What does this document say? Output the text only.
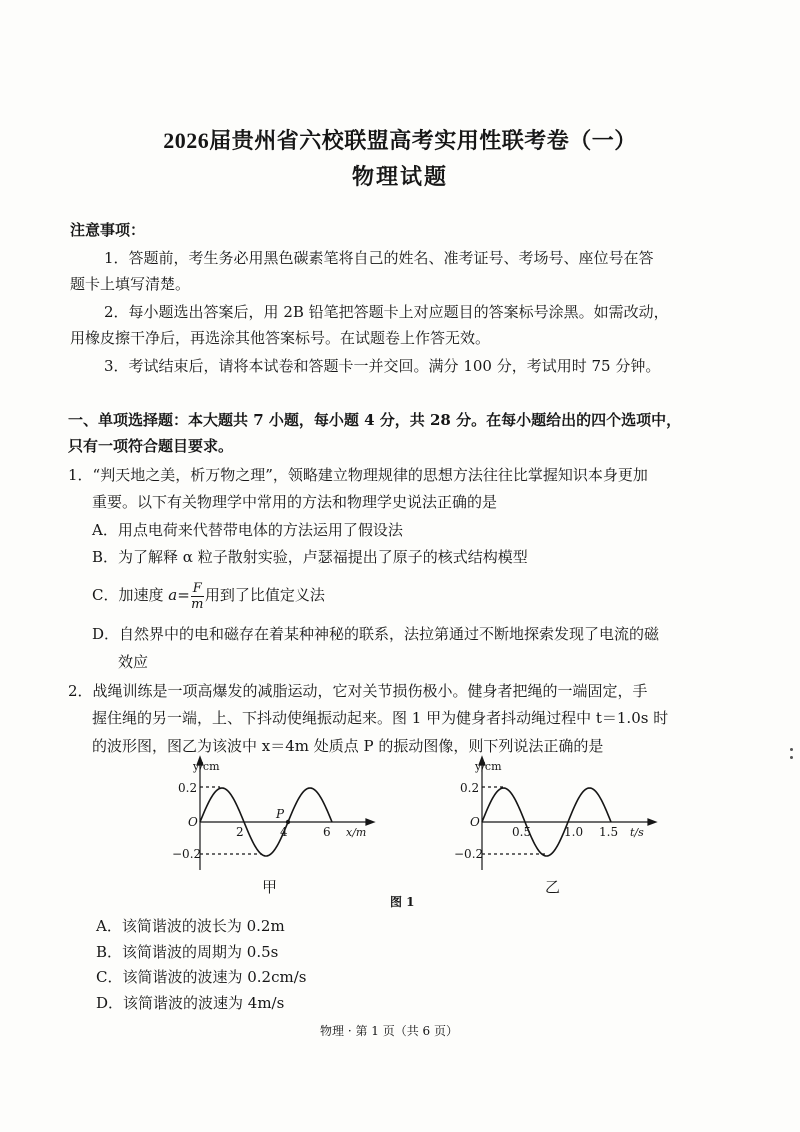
2026届贵州省六校联盟高考实用性联考卷（一）
物理试题
注意事项：
1．答题前，考生务必用黑色碳素笔将自己的姓名、准考证号、考场号、座位号在答
题卡上填写清楚。
2．每小题选出答案后，用 2B 铅笔把答题卡上对应题目的答案标号涂黑。如需改动，
用橡皮擦干净后，再选涂其他答案标号。在试题卷上作答无效。
3．考试结束后，请将本试卷和答题卡一并交回。满分 100 分，考试用时 75 分钟。
一、单项选择题：本大题共 7 小题，每小题 4 分，共 28 分。在每小题给出的四个选项中，
只有一项符合题目要求。
1．“判天地之美，析万物之理”，领略建立物理规律的思想方法往往比掌握知识本身更加
重要。以下有关物理学中常用的方法和物理学史说法正确的是
A．用点电荷来代替带电体的方法运用了假设法
B．为了解释 α 粒子散射实验，卢瑟福提出了原子的核式结构模型
C．加速度 $a= \frac{F}{m}$ 用到了比值定义法
D．自然界中的电和磁存在着某种神秘的联系，法拉第通过不断地探索发现了电流的磁
效应
2．战绳训练是一项高爆发的减脂运动，它对关节损伤极小。健身者把绳的一端固定，手
握住绳的另一端，上、下抖动使绳振动起来。图 1 甲为健身者抖动绳过程中 t＝1.0s 时
的波形图，图乙为该波中 x＝4m 处质点 P 的振动图像，则下列说法正确的是
y/cm
0.2
−0.2
O
2	4	6 x/m
P
甲
y/cm
0.2
−0.2
O
0.5	1.0 1.5 t/s
乙
图 1
A．该简谐波的波长为 0.2m
B．该简谐波的周期为 0.5s
C．该简谐波的波速为 0.2cm/s
D．该简谐波的波速为 4m/s
物理 · 第 1 页（共 6 页）
